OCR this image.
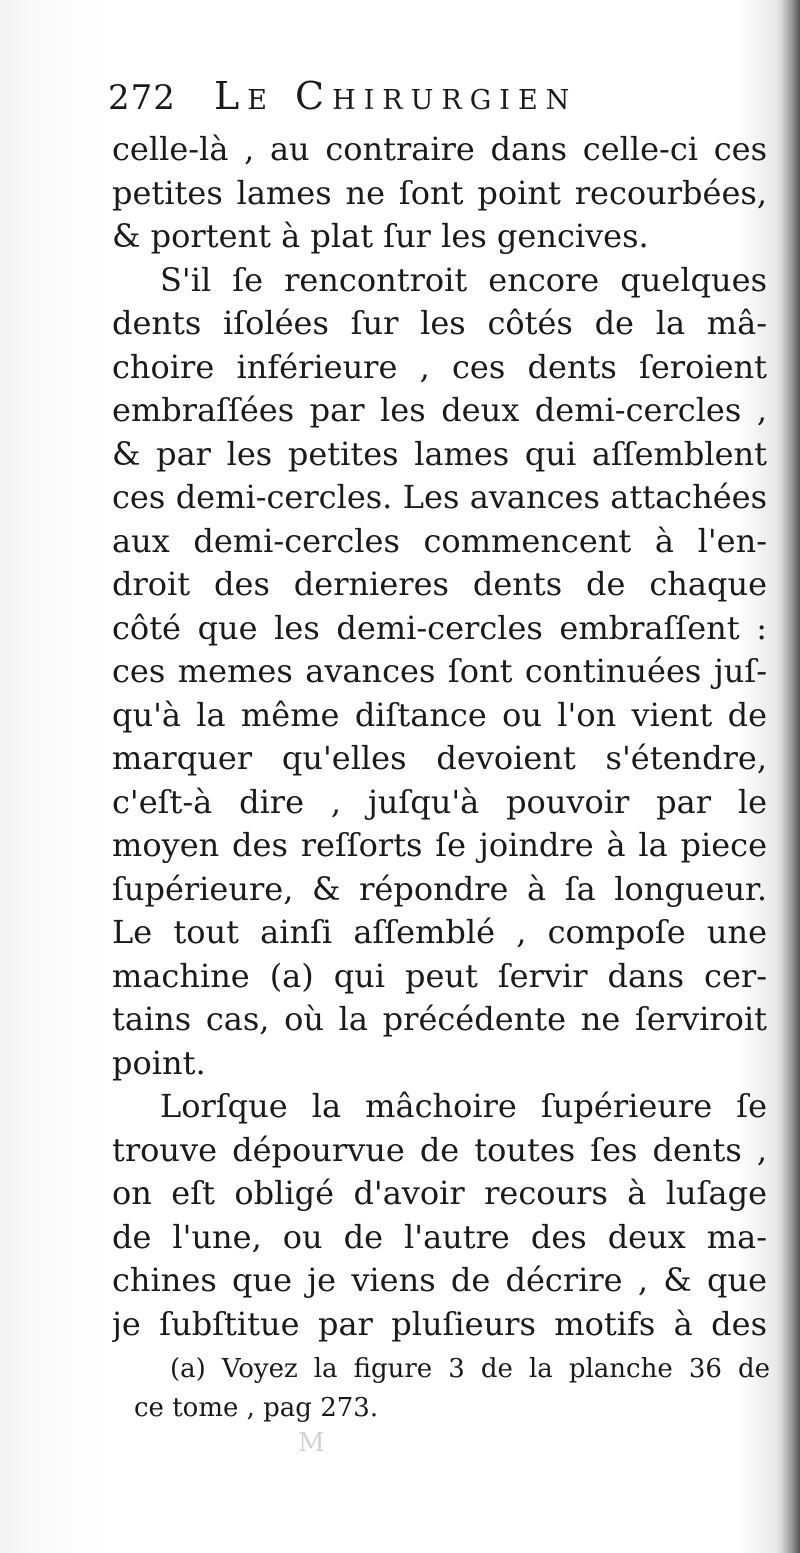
272 Le Chirurgien
celle-là , au contraire dans celle-ci ces
petites lames ne ſont point recourbées,
& portent à plat ſur les gencives.
S'il ſe rencontroit encore quelques
dents iſolées ſur les côtés de la mâ-
choire inférieure , ces dents ſeroient
embraſſées par les deux demi-cercles ,
& par les petites lames qui aſſemblent
ces demi-cercles. Les avances attachées
aux demi-cercles commencent à l'en-
droit des dernieres dents de chaque
côté que les demi-cercles embraſſent :
ces memes avances ſont continuées juſ-
qu'à la même diſtance ou l'on vient de
marquer qu'elles devoient s'étendre,
c'eſt-à dire , juſqu'à pouvoir par le
moyen des reſſorts ſe joindre à la piece
ſupérieure, & répondre à ſa longueur.
Le tout ainſi aſſemblé , compoſe une
machine (a) qui peut ſervir dans cer-
tains cas, où la précédente ne ſerviroit
point.
Lorſque la mâchoire ſupérieure ſe
trouve dépourvue de toutes ſes dents ,
on eſt obligé d'avoir recours à luſage
de l'une, ou de l'autre des deux ma-
chines que je viens de décrire , & que
je ſubſtitue par pluſieurs motifs à des
(a) Voyez la figure 3 de la planche 36 de
ce tome , pag 273.
M
